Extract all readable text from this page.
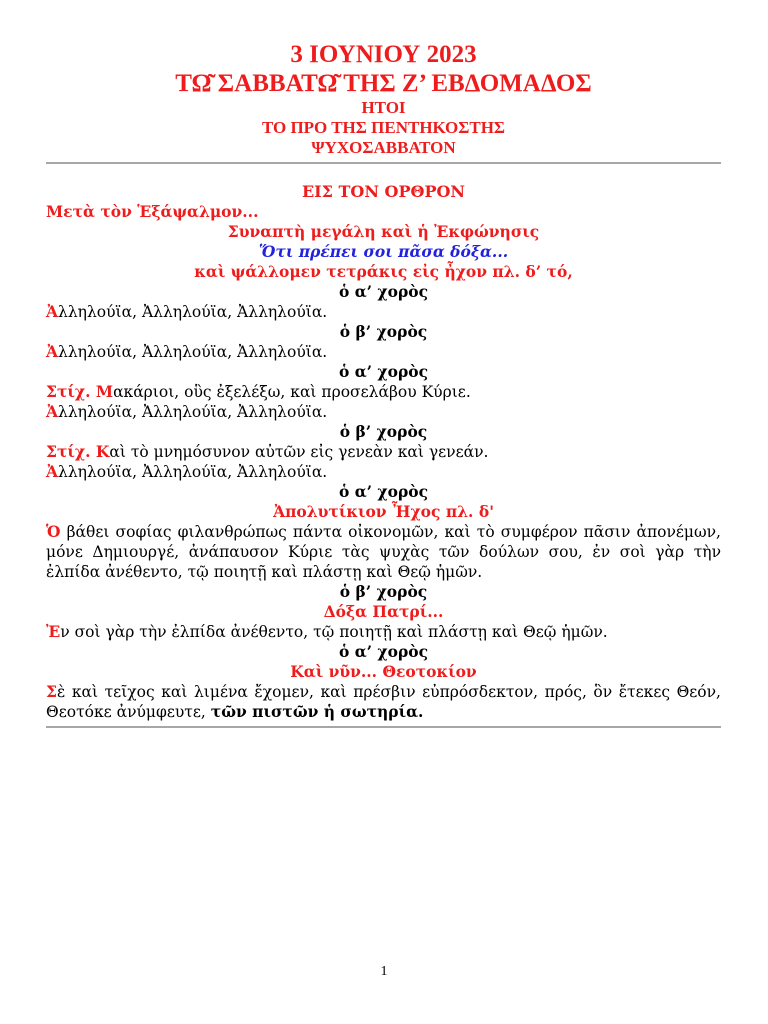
3 ΙΟΥΝΙΟΥ 2023

ΤΩ͂ ΣΑΒΒΑΤΩ͂ ΤΗΣ Ζ’ ΕΒΔΟΜΑΔΟΣ

ΗΤΟΙ

ΤΟ ΠΡΟ ΤΗΣ ΠΕΝΤΗΚΟΣΤΗΣ

ΨΥΧΟΣΑΒΒΑΤΟΝ

ΕΙΣ ΤΟΝ ΟΡΘΡΟΝ
Μετὰ τὸν Ἑξάψαλμον...
Συναπτὴ μεγάλη καὶ ἡ Ἐκφώνησις
Ὅτι πρέπει σοι πᾶσα δόξα...
καὶ ψάλλομεν τετράκις εἰς ἦχον πλ. δ’ τό,
ὁ α’ χορὸς
Ἀλληλούϊα, Ἀλληλούϊα, Ἀλληλούϊα.
ὁ β’ χορὸς
Ἀλληλούϊα, Ἀλληλούϊα, Ἀλληλούϊα.
ὁ α’ χορὸς
Στίχ. Μακάριοι, οὓς ἐξελέξω, καὶ προσελάβου Κύριε.
Ἀλληλούϊα, Ἀλληλούϊα, Ἀλληλούϊα.
ὁ β’ χορὸς
Στίχ. Καὶ τὸ μνημόσυνον αὐτῶν εἰς γενεὰν καὶ γενεάν.
Ἀλληλούϊα, Ἀλληλούϊα, Ἀλληλούϊα.
ὁ α’ χορὸς
Ἀπολυτίκιον Ἦχος πλ. δ'

Ὁ βάθει σοφίας φιλανθρώπως πάντα οἰκονομῶν, καὶ τὸ συμφέρον πᾶσιν ἀπονέμων, μόνε Δημιουργέ, ἀνάπαυσον Κύριε τὰς ψυχὰς τῶν δούλων σου, ἐν σοὶ γὰρ τὴν ἐλπίδα ἀνέθεντο, τῷ ποιητῇ καὶ πλάστῃ καὶ Θεῷ ἡμῶν.

ὁ β’ χορὸς
Δόξα Πατρί...
Ἐν σοὶ γὰρ τὴν ἐλπίδα ἀνέθεντο, τῷ ποιητῇ καὶ πλάστῃ καὶ Θεῷ ἡμῶν.
ὁ α’ χορὸς
Καὶ νῦν... Θεοτοκίον

Σὲ καὶ τεῖχος καὶ λιμένα ἔχομεν, καὶ πρέσβιν εὐπρόσδεκτον, πρός, ὃν ἔτεκες Θεόν, Θεοτόκε ἀνύμφευτε, τῶν πιστῶν ἡ σωτηρία.

1
